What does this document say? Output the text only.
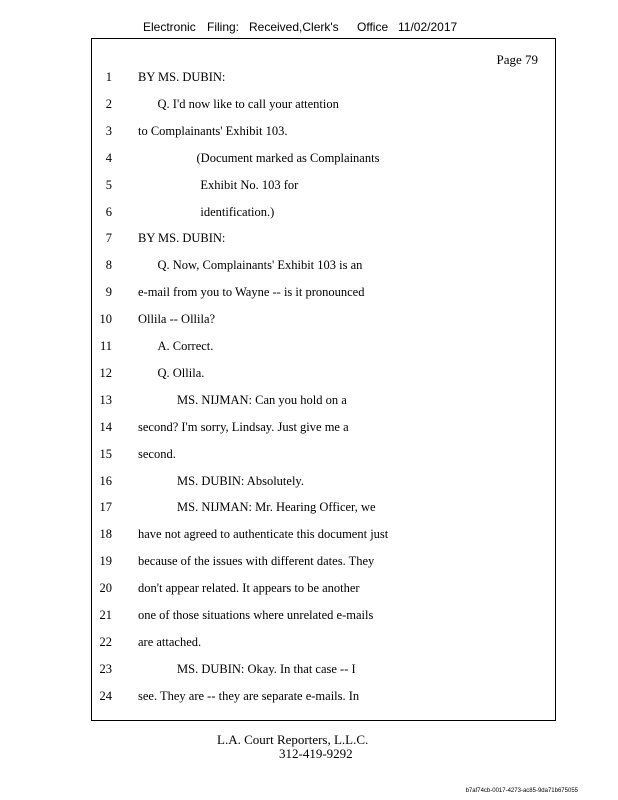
Electronic Filing: Received,Clerk's Office 11/02/2017
Page 79
1 BY MS. DUBIN:
2	Q. I'd now like to call your attention
3 to Complainants' Exhibit 103.
4	(Document marked as Complainants
5	Exhibit No. 103 for
6	identification.)
7 BY MS. DUBIN:
8	Q. Now, Complainants' Exhibit 103 is an
9 e-mail from you to Wayne -- is it pronounced
10 Ollila -- Ollila?
11	A. Correct.
12	Q. Ollila.
13	MS. NIJMAN: Can you hold on a
14 second? I'm sorry, Lindsay. Just give me a
15 second.
16	MS. DUBIN: Absolutely.
17	MS. NIJMAN: Mr. Hearing Officer, we
18 have not agreed to authenticate this document just
19 because of the issues with different dates. They
20 don't appear related. It appears to be another
21 one of those situations where unrelated e-mails
22 are attached.
23	MS. DUBIN: Okay. In that case -- I
24 see. They are -- they are separate e-mails. In
L.A. Court Reporters, L.L.C.
312-419-9292
b7af74cb-0017-4273-ac85-9da71b675055
